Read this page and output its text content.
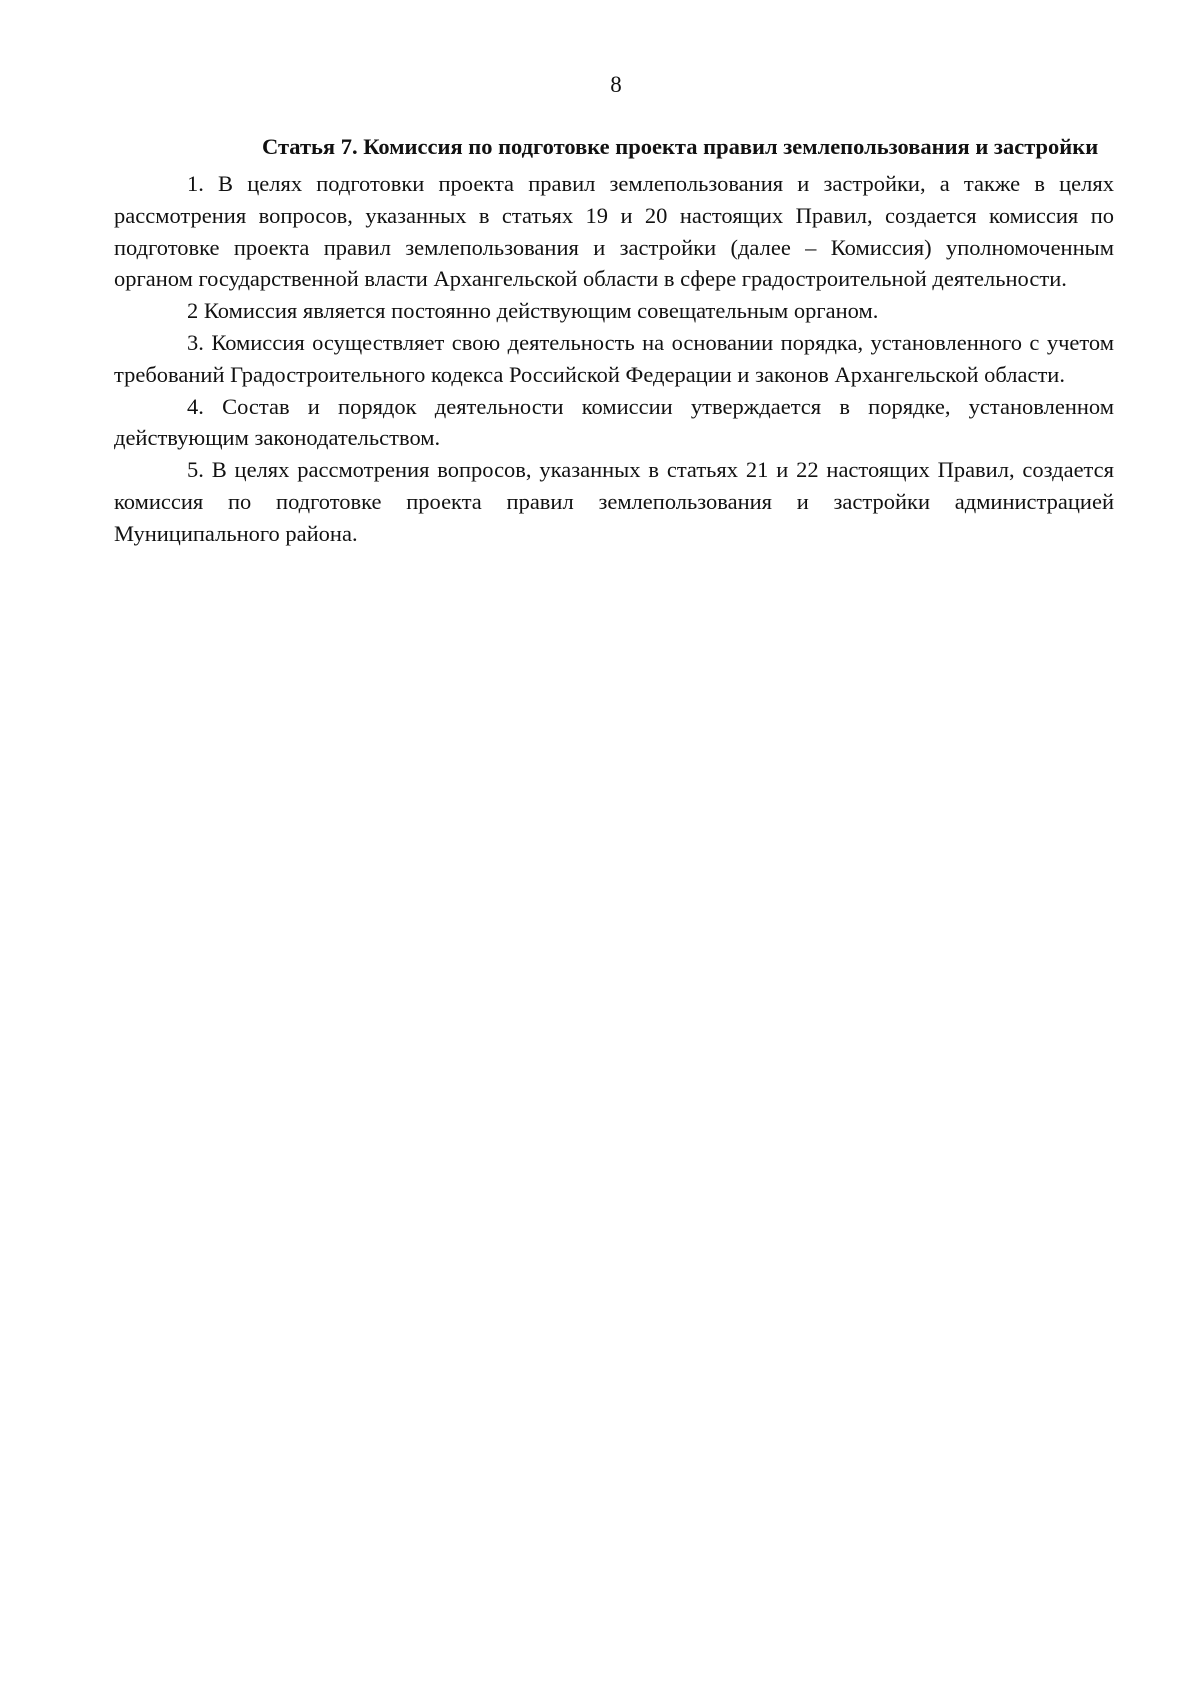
8
Статья 7. Комиссия по подготовке проекта правил землепользования и застройки

1. В целях подготовки проекта правил землепользования и застройки, а также в целях рассмотрения вопросов, указанных в статьях 19 и 20 настоящих Правил, создается комиссия по подготовке проекта правил землепользования и застройки (далее – Комиссия) уполномоченным органом государственной власти Архангельской области в сфере градостроительной деятельности.

2 Комиссия является постоянно действующим совещательным органом.

3. Комиссия осуществляет свою деятельность на основании порядка, установленного с учетом требований Градостроительного кодекса Российской Федерации и законов Архангельской области.

4. Состав и порядок деятельности комиссии утверждается в порядке, установленном действующим законодательством.

5. В целях рассмотрения вопросов, указанных в статьях 21 и 22 настоящих Правил, создается комиссия по подготовке проекта правил землепользования и застройки администрацией Муниципального района.
